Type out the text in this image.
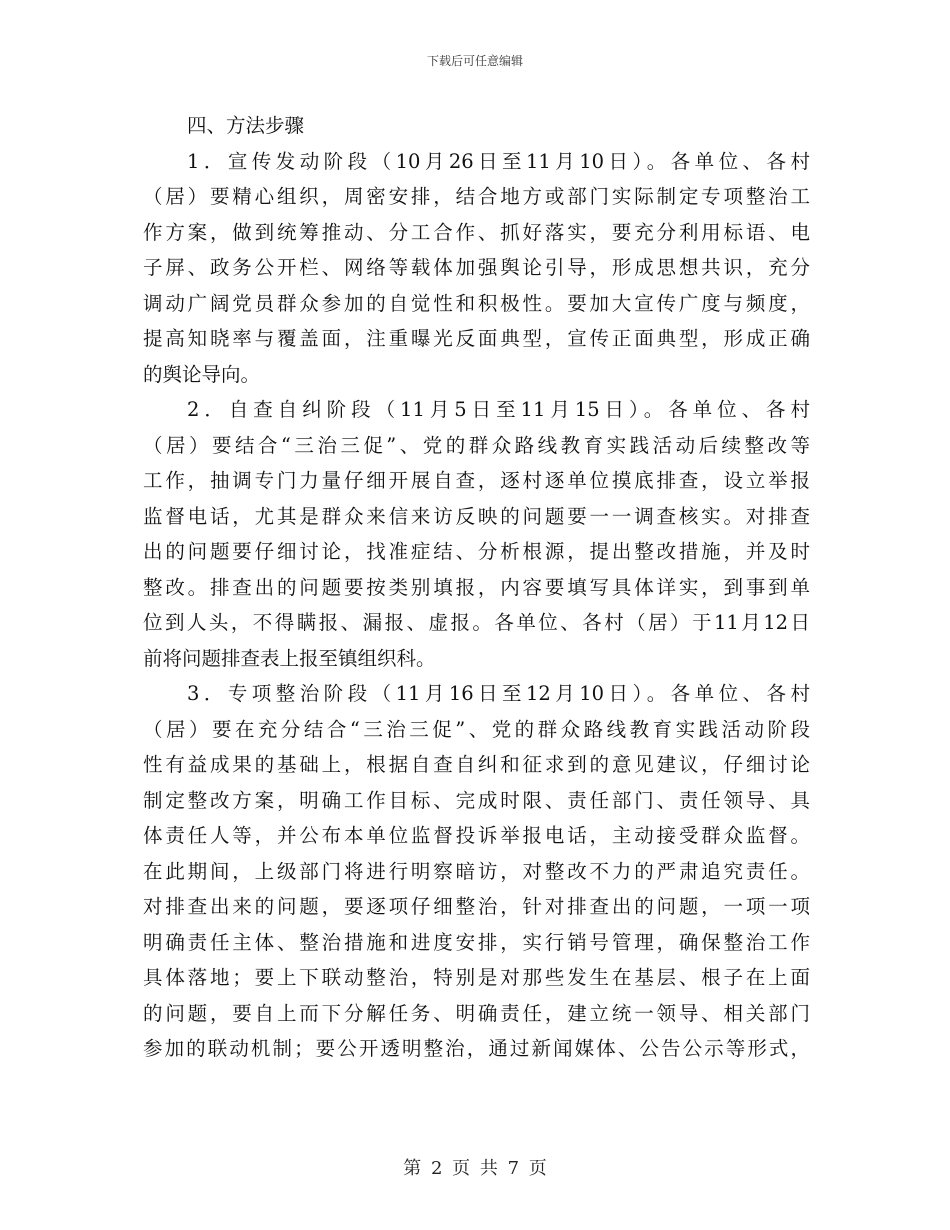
下载后可任意编辑
四、方法步骤
1．宣传发动阶段（10月26日至11月10日）。各单位、各村
（居）要精心组织，周密安排，结合地方或部门实际制定专项整治工
作方案，做到统筹推动、分工合作、抓好落实，要充分利用标语、电
子屏、政务公开栏、网络等载体加强舆论引导，形成思想共识，充分
调动广阔党员群众参加的自觉性和积极性。要加大宣传广度与频度，
提高知晓率与覆盖面，注重曝光反面典型，宣传正面典型，形成正确
的舆论导向。
2．自查自纠阶段（11月5日至11月15日）。各单位、各村
（居）要结合“三治三促”、党的群众路线教育实践活动后续整改等
工作，抽调专门力量仔细开展自查，逐村逐单位摸底排查，设立举报
监督电话，尤其是群众来信来访反映的问题要一一调查核实。对排查
出的问题要仔细讨论，找准症结、分析根源，提出整改措施，并及时
整改。排查出的问题要按类别填报，内容要填写具体详实，到事到单
位到人头，不得瞒报、漏报、虚报。各单位、各村（居）于11月12日
前将问题排查表上报至镇组织科。
3．专项整治阶段（11月16日至12月10日）。各单位、各村
（居）要在充分结合“三治三促”、党的群众路线教育实践活动阶段
性有益成果的基础上，根据自查自纠和征求到的意见建议，仔细讨论
制定整改方案，明确工作目标、完成时限、责任部门、责任领导、具
体责任人等，并公布本单位监督投诉举报电话，主动接受群众监督。
在此期间，上级部门将进行明察暗访，对整改不力的严肃追究责任。
对排查出来的问题，要逐项仔细整治，针对排查出的问题，一项一项
明确责任主体、整治措施和进度安排，实行销号管理，确保整治工作
具体落地；要上下联动整治，特别是对那些发生在基层、根子在上面
的问题，要自上而下分解任务、明确责任，建立统一领导、相关部门
参加的联动机制；要公开透明整治，通过新闻媒体、公告公示等形式，
第 2 页 共 7 页
